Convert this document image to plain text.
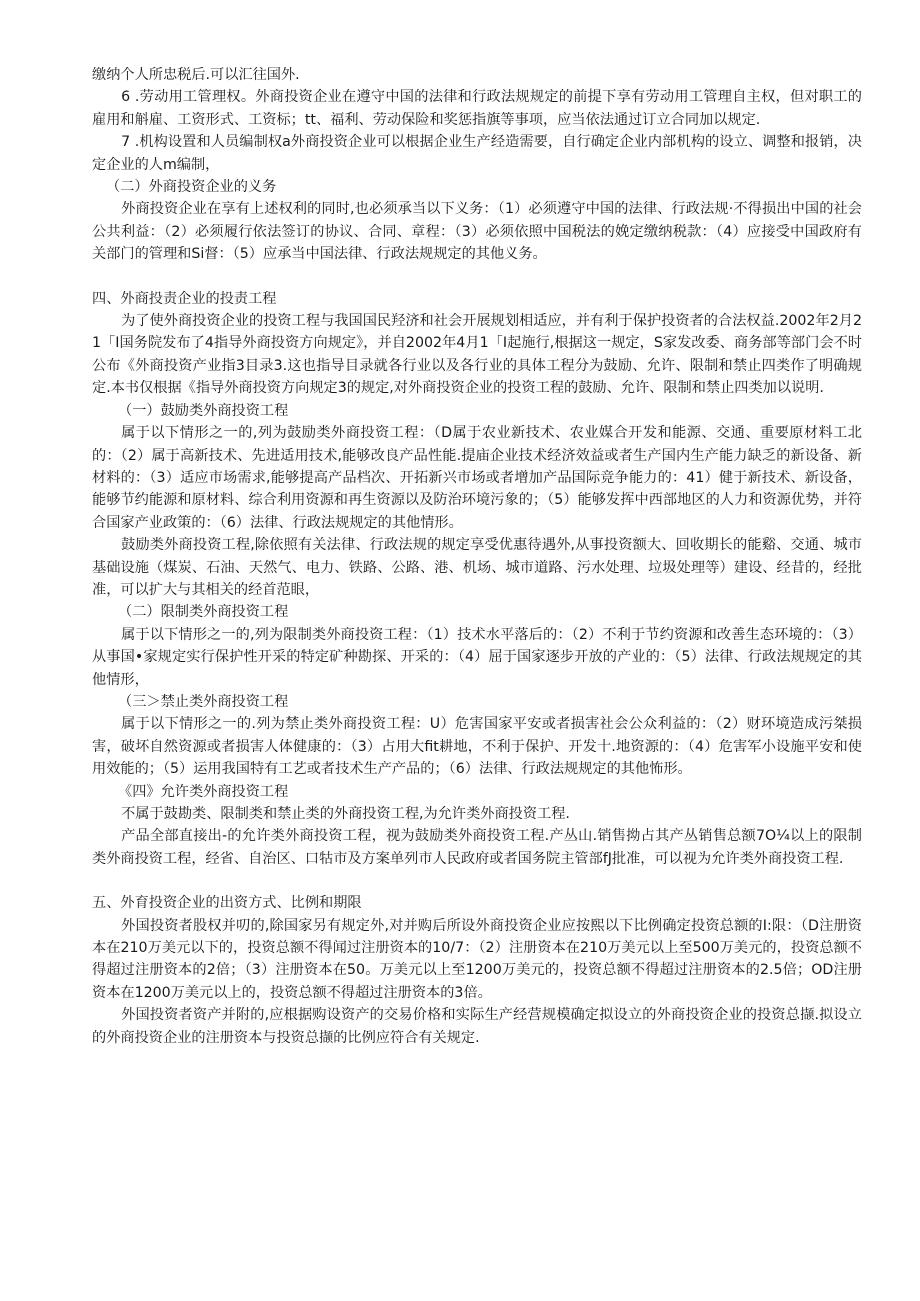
缴纳个人所忠税后.可以汇往国外.

6 .劳动用工管理权。外商投资企业在遵守中国的法律和行政法规规定的前提下享有劳动用工管理自主权，但对职工的雇用和斛雇、工资形式、工资标；tt、福利、劳动保险和奖惩指旗等事项，应当依法通过订立合同加以规定.

7 .机构设置和人员编制权a外商投资企业可以根据企业生产经造需要，自行确定企业内部机构的设立、调整和报销，决定企业的人m编制，

（二）外商投资企业的义务

外商投资企业在享有上述权利的同时,也必须承当以下义务：（1）必须遵守中国的法律、行政法规·不得损出中国的社会公共利益：（2）必须履行依法签订的协议、合同、章程：（3）必须依照中国税法的娩定缴纳税款：（4）应接受中国政府有关部门的管理和Si督：（5）应承当中国法律、行政法规规定的其他义务。

四、外商投责企业的投责工程

为了使外商投资企业的投资工程与我国国民羟济和社会开展规划相适应，并有利于保护投资者的合法权益.2002年2月21「I国务院发布了4指导外商投资方向规定》，并自2002年4月1「I起施行,根据这一规定，S家发改委、商务部等部门会不时公布《外商投资产业指3目录3.这也指导目录就各行业以及各行业的具体工程分为鼓励、允许、限制和禁止四类作了明确规定.本书仅根据《指导外商投资方向规定3的规定,对外商投资企业的投资工程的鼓励、允许、限制和禁止四类加以说明.

（一）鼓励类外商投资工程

属于以下情形之一的,列为鼓励类外商投资工程：（D属于农业新技术、农业媒合开发和能源、交通、重要原材料工北的：（2）属于高新技术、先进适用技术,能够改良产品性能.提庙企业技术经济效益或者生产国内生产能力缺乏的新设备、新材料的：（3）适应市场需求,能够提高产品档次、开拓新兴市场或者增加产品国际竞争能力的：41）健于新技术、新设备，能够节约能源和原材料、综合利用资源和再生资源以及防治环境污象的；（5）能够发挥中西部地区的人力和资源优势，并符合国家产业政策的：（6）法律、行政法规规定的其他情形。

鼓励类外商投资工程,除依照有关法律、行政法规的规定享受优惠待遇外,从事投资额大、回收期长的能谿、交通、城市基础设施（煤炭、石油、天然气、电力、铁路、公路、港、机场、城市道路、污水处理、垃圾处理等）建设、经昔的，经批准，可以扩大与其相关的经首范眼，

（二）限制类外商投资工程

属于以下情形之一的,列为限制类外商投资工程：（1）技术水平落后的：（2）不利于节约资源和改善生态环境的：（3）从事国•家规定实行保护性开采的特定矿种勘探、开采的：（4）屈于国家逐步开放的产业的：（5）法律、行政法规规定的其他情形，

（三＞禁止类外商投资工程

属于以下情形之一的.列为禁止类外商投资工程：U）危害国家平安或者损害社会公众利益的：（2）财环境造成污桀损害，破坏自然资源或者损害人体健康的：（3）占用大fit耕地，不利于保护、开发十.地资源的：（4）危害军小设施平安和使用效能的；（5）运用我国特有工艺或者技术生产产品的；（6）法律、行政法规规定的其他怖形。

《四》允许类外商投资工程

不属于鼓勘类、限制类和禁止类的外商投资工程,为允许类外商投资工程.

产品全部直接出-的允许类外商投资工程，视为鼓励类外商投资工程.产丛山.销售拗占其产丛销售总额7O¼以上的限制类外商投资工程，经省、自治区、口牯市及方案单列市人民政府或者国务院主管部fJ批准，可以视为允许类外商投资工程.

五、外育投资企业的出资方式、比例和期限

外国投资者股权并叨的,除国家另有规定外,对并购后所设外商投资企业应按熙以下比例确定投资总额的I:限：（D注册资本在210万美元以下的，投资总额不得闻过注册资本的10/7：（2）注册资本在210万美元以上至500万美元的，投资总额不得超过注册资本的2倍；（3）注册资本在50。万美元以上至1200万美元的，投资总额不得超过注册资本的2.5倍；OD注册资本在1200万美元以上的，投资总额不得超过注册资本的3倍。

外国投资者资产并附的,应根据购设资产的交易价格和实际生产经营规模确定拟设立的外商投资企业的投资总撷.拟设立的外商投资企业的注册资本与投资总撷的比例应符合有关规定.
